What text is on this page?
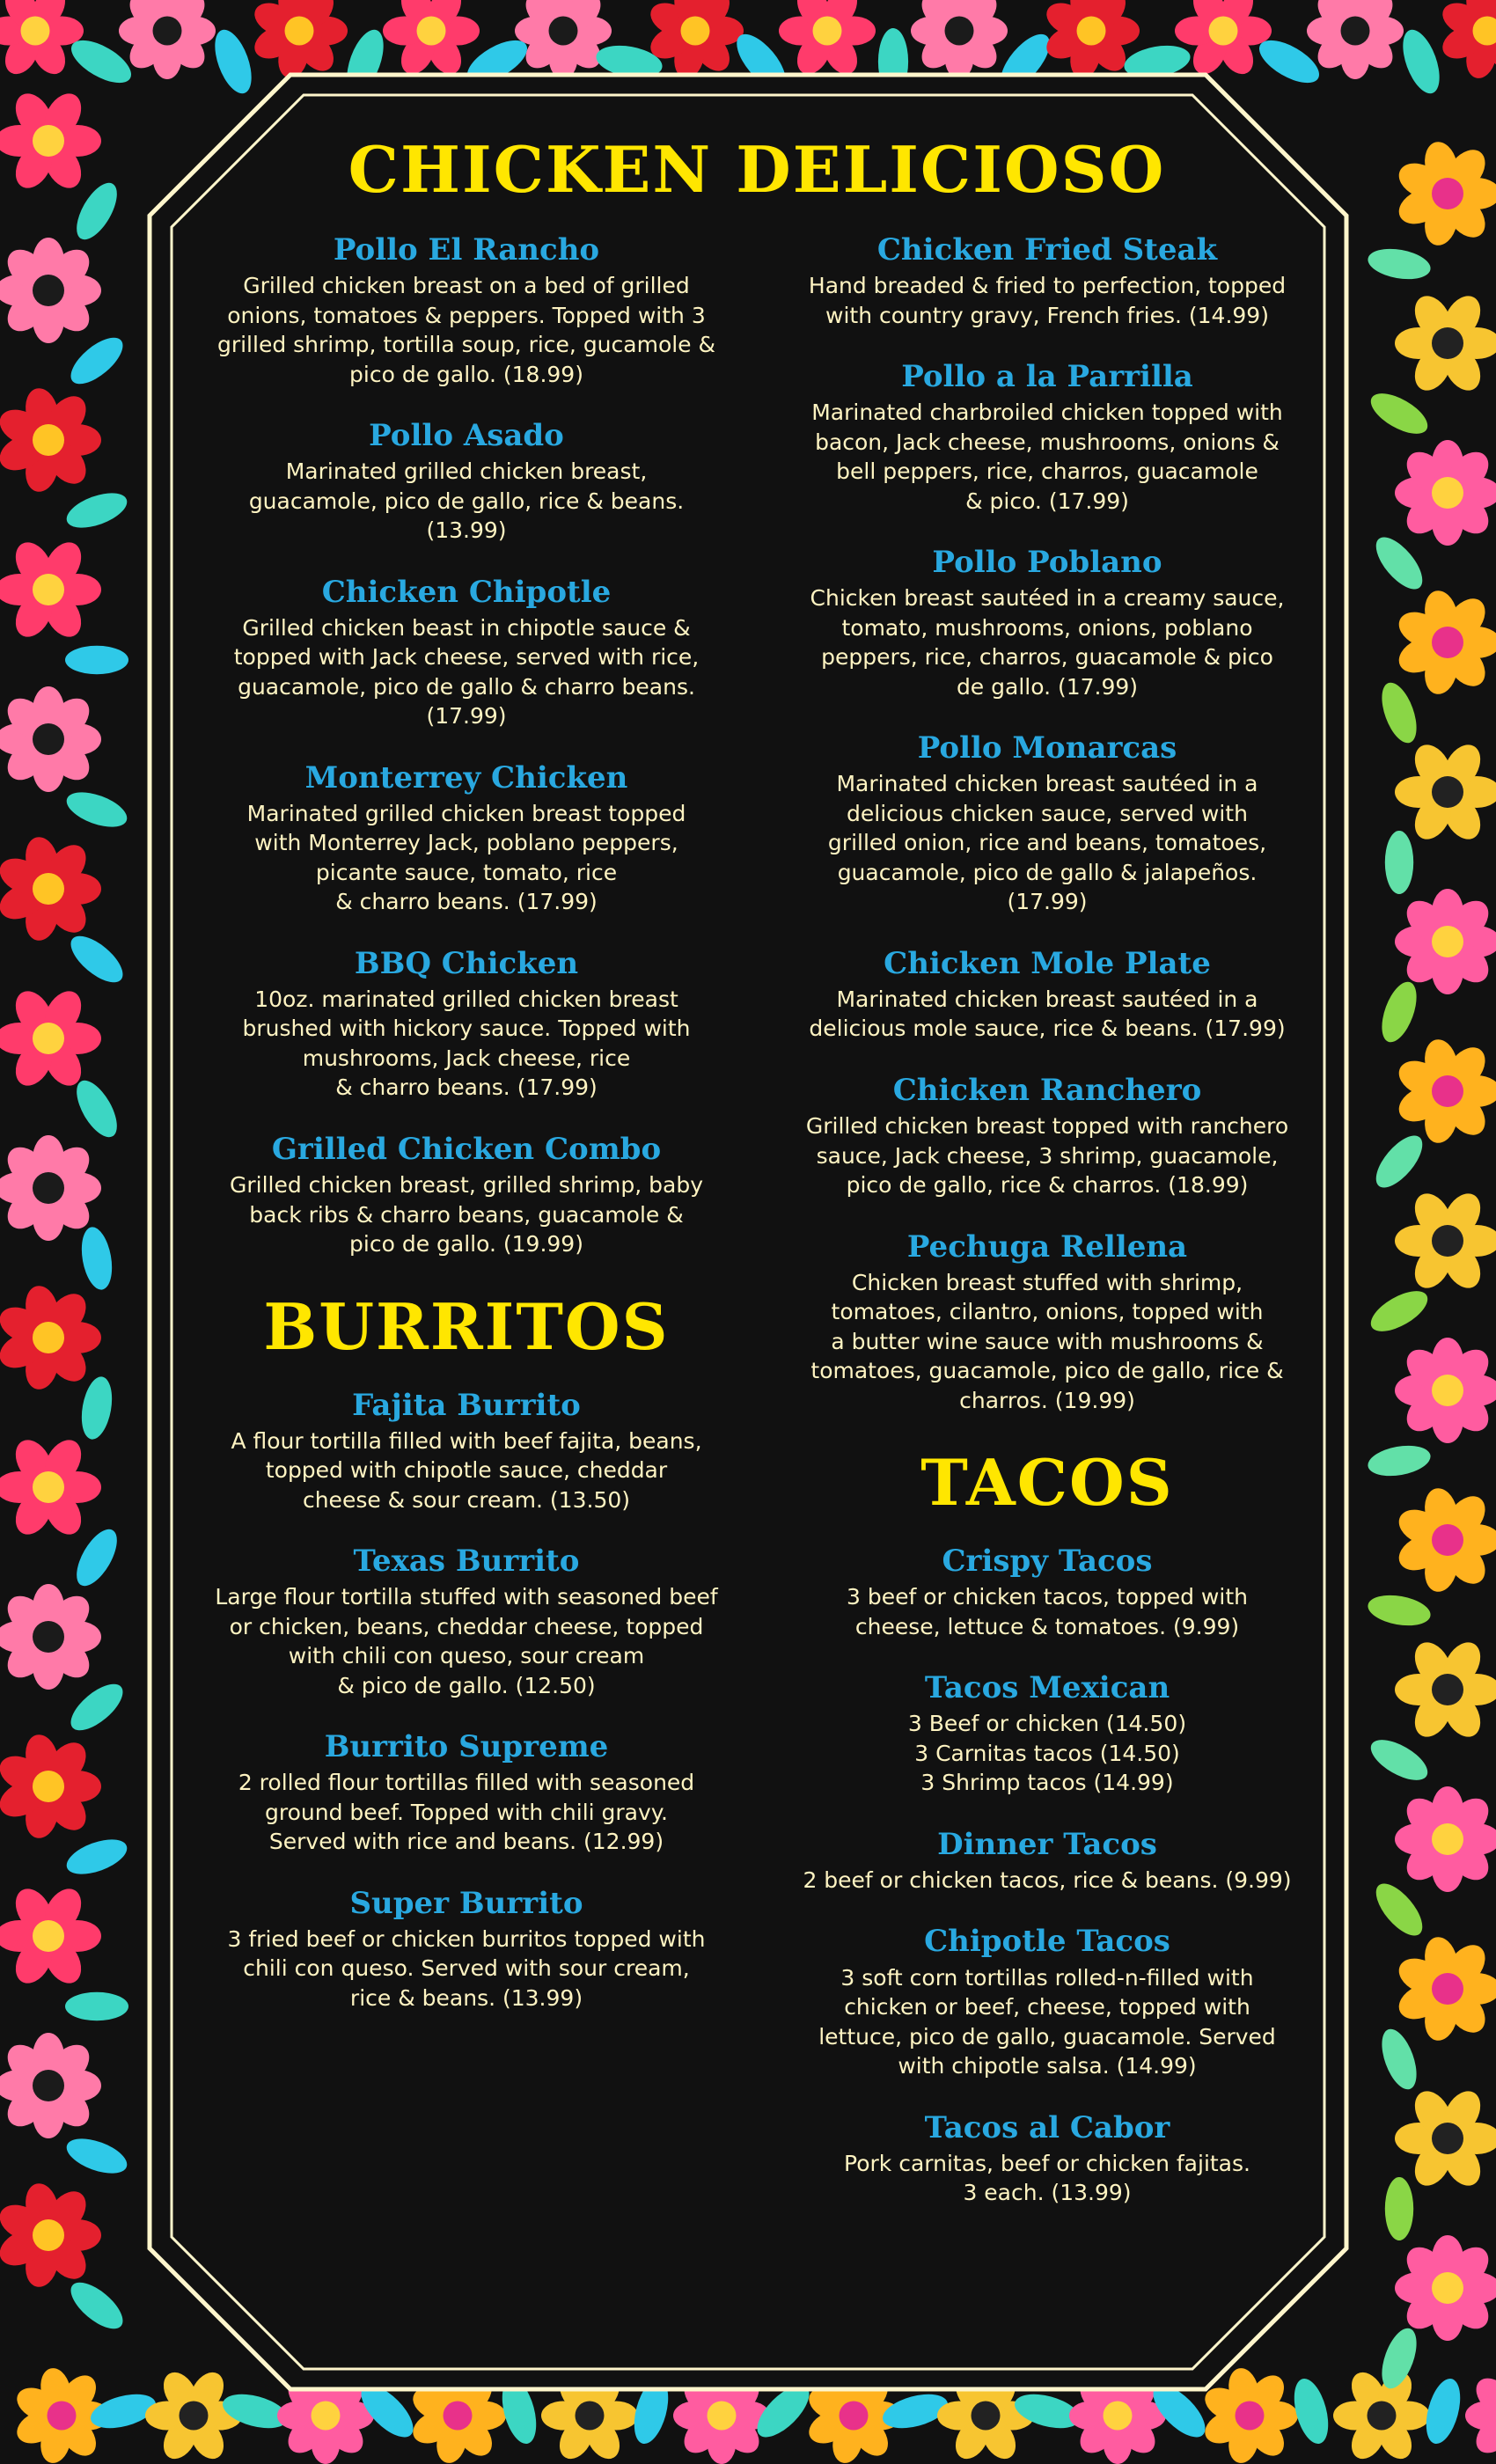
CHICKEN DELICIOSO
Pollo El Rancho
Grilled chicken breast on a bed of grilled
onions, tomatoes & peppers. Topped with 3
grilled shrimp, tortilla soup, rice, gucamole &
pico de gallo. (18.99)
Pollo Asado
Marinated grilled chicken breast,
guacamole, pico de gallo, rice & beans.
(13.99)
Chicken Chipotle
Grilled chicken beast in chipotle sauce &
topped with Jack cheese, served with rice,
guacamole, pico de gallo & charro beans.
(17.99)
Monterrey Chicken
Marinated grilled chicken breast topped
with Monterrey Jack, poblano peppers,
picante sauce, tomato, rice
& charro beans. (17.99)
BBQ Chicken
10oz. marinated grilled chicken breast
brushed with hickory sauce. Topped with
mushrooms, Jack cheese, rice
& charro beans. (17.99)
Grilled Chicken Combo
Grilled chicken breast, grilled shrimp, baby
back ribs & charro beans, guacamole &
pico de gallo. (19.99)
BURRITOS
Fajita Burrito
A flour tortilla filled with beef fajita, beans,
topped with chipotle sauce, cheddar
cheese & sour cream. (13.50)
Texas Burrito
Large flour tortilla stuffed with seasoned beef
or chicken, beans, cheddar cheese, topped
with chili con queso, sour cream
& pico de gallo. (12.50)
Burrito Supreme
2 rolled flour tortillas filled with seasoned
ground beef. Topped with chili gravy.
Served with rice and beans. (12.99)
Super Burrito
3 fried beef or chicken burritos topped with
chili con queso. Served with sour cream,
rice & beans. (13.99)
Chicken Fried Steak
Hand breaded & fried to perfection, topped
with country gravy, French fries. (14.99)
Pollo a la Parrilla
Marinated charbroiled chicken topped with
bacon, Jack cheese, mushrooms, onions &
bell peppers, rice, charros, guacamole
& pico. (17.99)
Pollo Poblano
Chicken breast sautéed in a creamy sauce,
tomato, mushrooms, onions, poblano
peppers, rice, charros, guacamole & pico
de gallo. (17.99)
Pollo Monarcas
Marinated chicken breast sautéed in a
delicious chicken sauce, served with
grilled onion, rice and beans, tomatoes,
guacamole, pico de gallo & jalapeños.
(17.99)
Chicken Mole Plate
Marinated chicken breast sautéed in a
delicious mole sauce, rice & beans. (17.99)
Chicken Ranchero
Grilled chicken breast topped with ranchero
sauce, Jack cheese, 3 shrimp, guacamole,
pico de gallo, rice & charros. (18.99)
Pechuga Rellena
Chicken breast stuffed with shrimp,
tomatoes, cilantro, onions, topped with
a butter wine sauce with mushrooms &
tomatoes, guacamole, pico de gallo, rice &
charros. (19.99)
TACOS
Crispy Tacos
3 beef or chicken tacos, topped with
cheese, lettuce & tomatoes. (9.99)
Tacos Mexican
3 Beef or chicken (14.50)
3 Carnitas tacos (14.50)
3 Shrimp tacos (14.99)
Dinner Tacos
2 beef or chicken tacos, rice & beans. (9.99)
Chipotle Tacos
3 soft corn tortillas rolled-n-filled with
chicken or beef, cheese, topped with
lettuce, pico de gallo, guacamole. Served
with chipotle salsa. (14.99)
Tacos al Cabor
Pork carnitas, beef or chicken fajitas.
3 each. (13.99)
